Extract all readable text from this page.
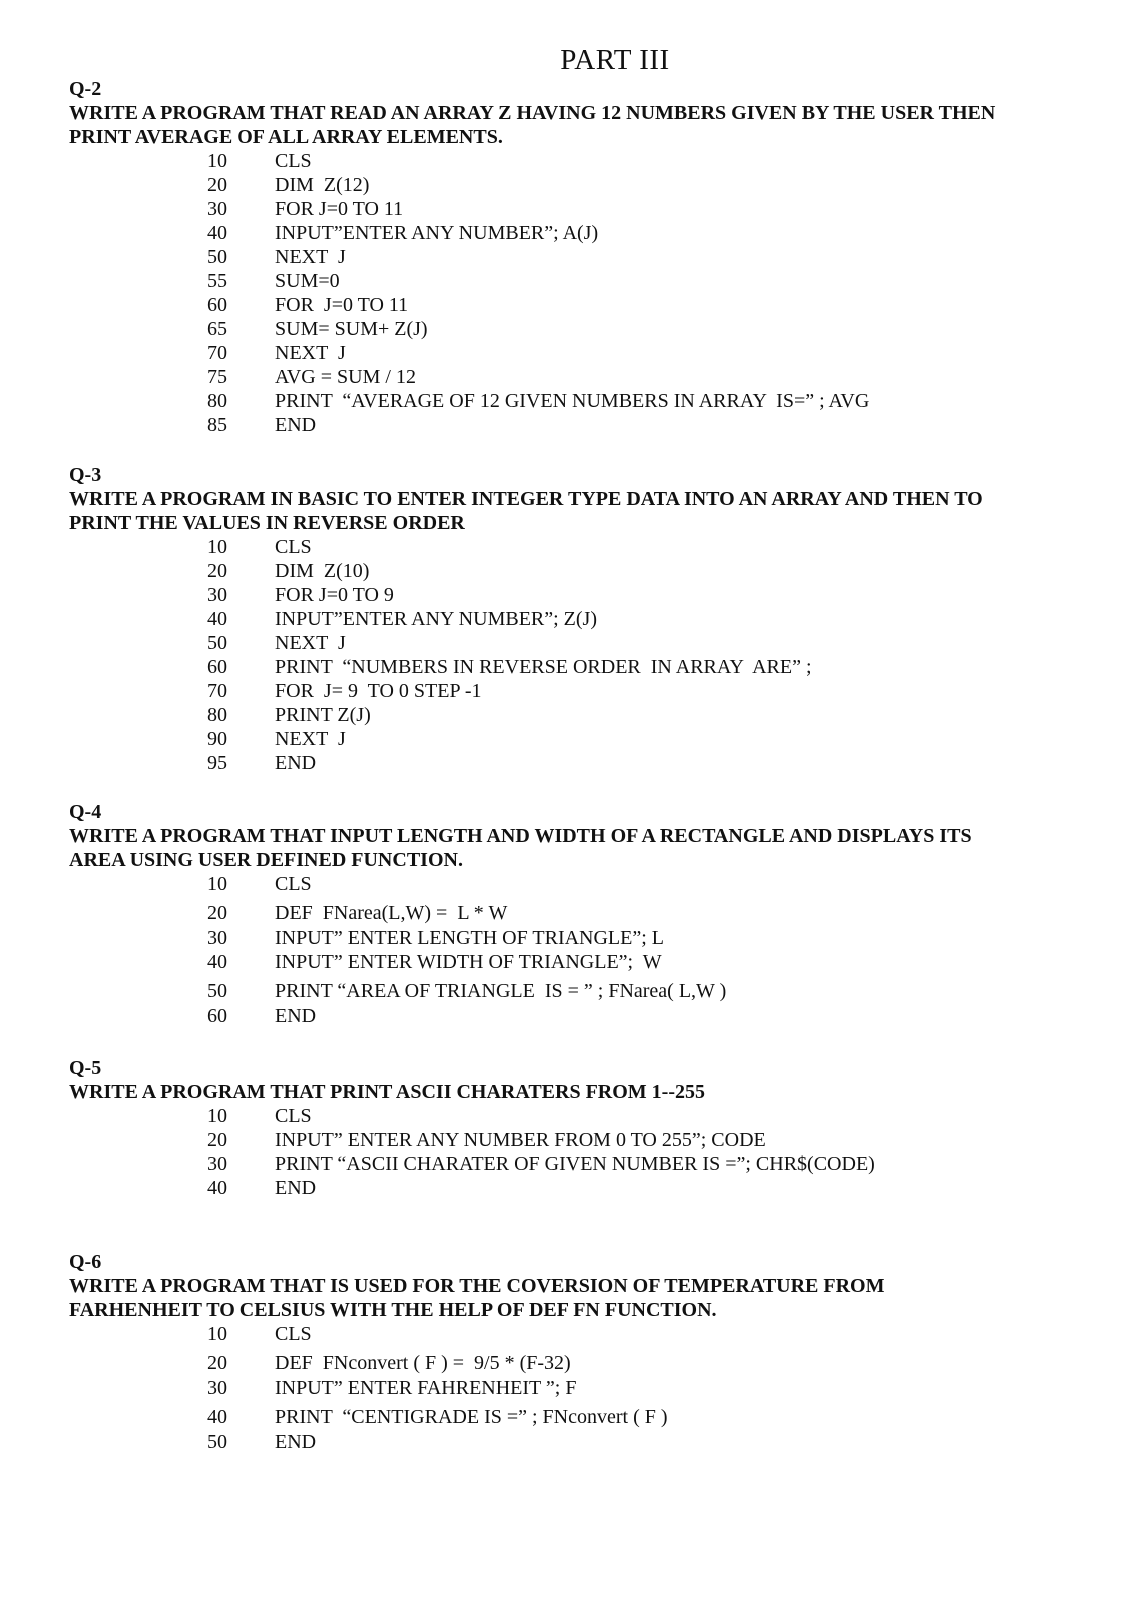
PART III
Q-2
WRITE A PROGRAM THAT READ AN ARRAY Z HAVING 12 NUMBERS GIVEN BY THE USER THEN
PRINT AVERAGE OF ALL ARRAY ELEMENTS.
10	CLS
20	DIM  Z(12)
30	FOR J=0 TO 11
40	INPUT”ENTER ANY NUMBER”; A(J)
50	NEXT  J
55	SUM=0
60	FOR  J=0 TO 11
65	SUM= SUM+ Z(J)
70	NEXT  J
75	AVG = SUM / 12
80	PRINT  “AVERAGE OF 12 GIVEN NUMBERS IN ARRAY  IS=” ; AVG
85	END
Q-3
WRITE A PROGRAM IN BASIC TO ENTER INTEGER TYPE DATA INTO AN ARRAY AND THEN TO
PRINT THE VALUES IN REVERSE ORDER
10	CLS
20	DIM  Z(10)
30	FOR J=0 TO 9
40	INPUT”ENTER ANY NUMBER”; Z(J)
50	NEXT  J
60	PRINT  “NUMBERS IN REVERSE ORDER  IN ARRAY  ARE” ;
70	FOR  J= 9  TO 0 STEP -1
80	PRINT Z(J)
90	NEXT  J
95	END
Q-4
WRITE A PROGRAM THAT INPUT LENGTH AND WIDTH OF A RECTANGLE AND DISPLAYS ITS
AREA USING USER DEFINED FUNCTION.
10	CLS
20	DEF  FNarea(L,W) =  L * W
30	INPUT” ENTER LENGTH OF TRIANGLE”; L
40	INPUT” ENTER WIDTH OF TRIANGLE”;  W
50	PRINT “AREA OF TRIANGLE  IS = ” ; FNarea( L,W )
60	END
Q-5
WRITE A PROGRAM THAT PRINT ASCII CHARATERS FROM 1--255
10	CLS
20	INPUT” ENTER ANY NUMBER FROM 0 TO 255”; CODE
30	PRINT “ASCII CHARATER OF GIVEN NUMBER IS =”; CHR$(CODE)
40	END
Q-6
WRITE A PROGRAM THAT IS USED FOR THE COVERSION OF TEMPERATURE FROM
FARHENHEIT TO CELSIUS WITH THE HELP OF DEF FN FUNCTION.
10	CLS
20	DEF  FNconvert ( F ) =  9/5 * (F-32)
30	INPUT” ENTER FAHRENHEIT ”; F
40	PRINT  “CENTIGRADE IS =” ; FNconvert ( F )
50	END
